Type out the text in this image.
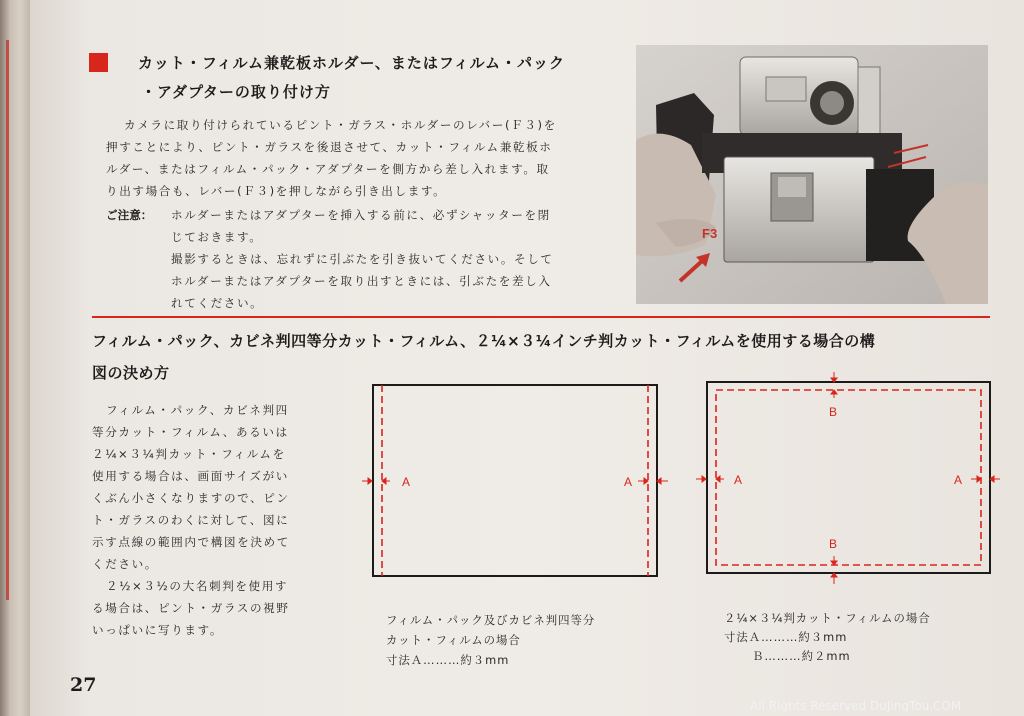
カット・フィルム兼乾板ホルダー、またはフィルム・パック
・アダプターの取り付け方
カメラに取り付けられているピント・ガラス・ホルダーのレバー(Ｆ３)を
押すことにより、ピント・ガラスを後退させて、カット・フィルム兼乾板ホ
ルダー、またはフィルム・パック・アダプターを側方から差し入れます。取
り出す場合も、レバー(Ｆ３)を押しながら引き出します。
ご注意： ホルダーまたはアダプターを挿入する前に、必ずシャッターを閉
じておきます。
撮影するときは、忘れずに引ぶたを引き抜いてください。そして
ホルダーまたはアダプターを取り出すときには、引ぶたを差し入
れてください。
F3
フィルム・パック、カビネ判四等分カット・フィルム、２¼×３¼インチ判カット・フィルムを使用する場合の構
図の決め方
フィルム・パック、カビネ判四
等分カット・フィルム、あるいは
２¼×３¼判カット・フィルムを
使用する場合は、画面サイズがい
くぶん小さくなりますので、ピン
ト・ガラスのわくに対して、図に
示す点線の範囲内で構図を決めて
ください。
２½×３½の大名刺判を使用す
る場合は、ピント・ガラスの視野
いっぱいに写ります。
A	A	A	A
B
B
フィルム・パック及びカビネ判四等分
カット・フィルムの場合
寸法Ａ………約３mm
２¼×３¼判カット・フィルムの場合
寸法Ａ………約３mm
Ｂ………約２mm
27
All Rights Reserved DuJingTou.COM
